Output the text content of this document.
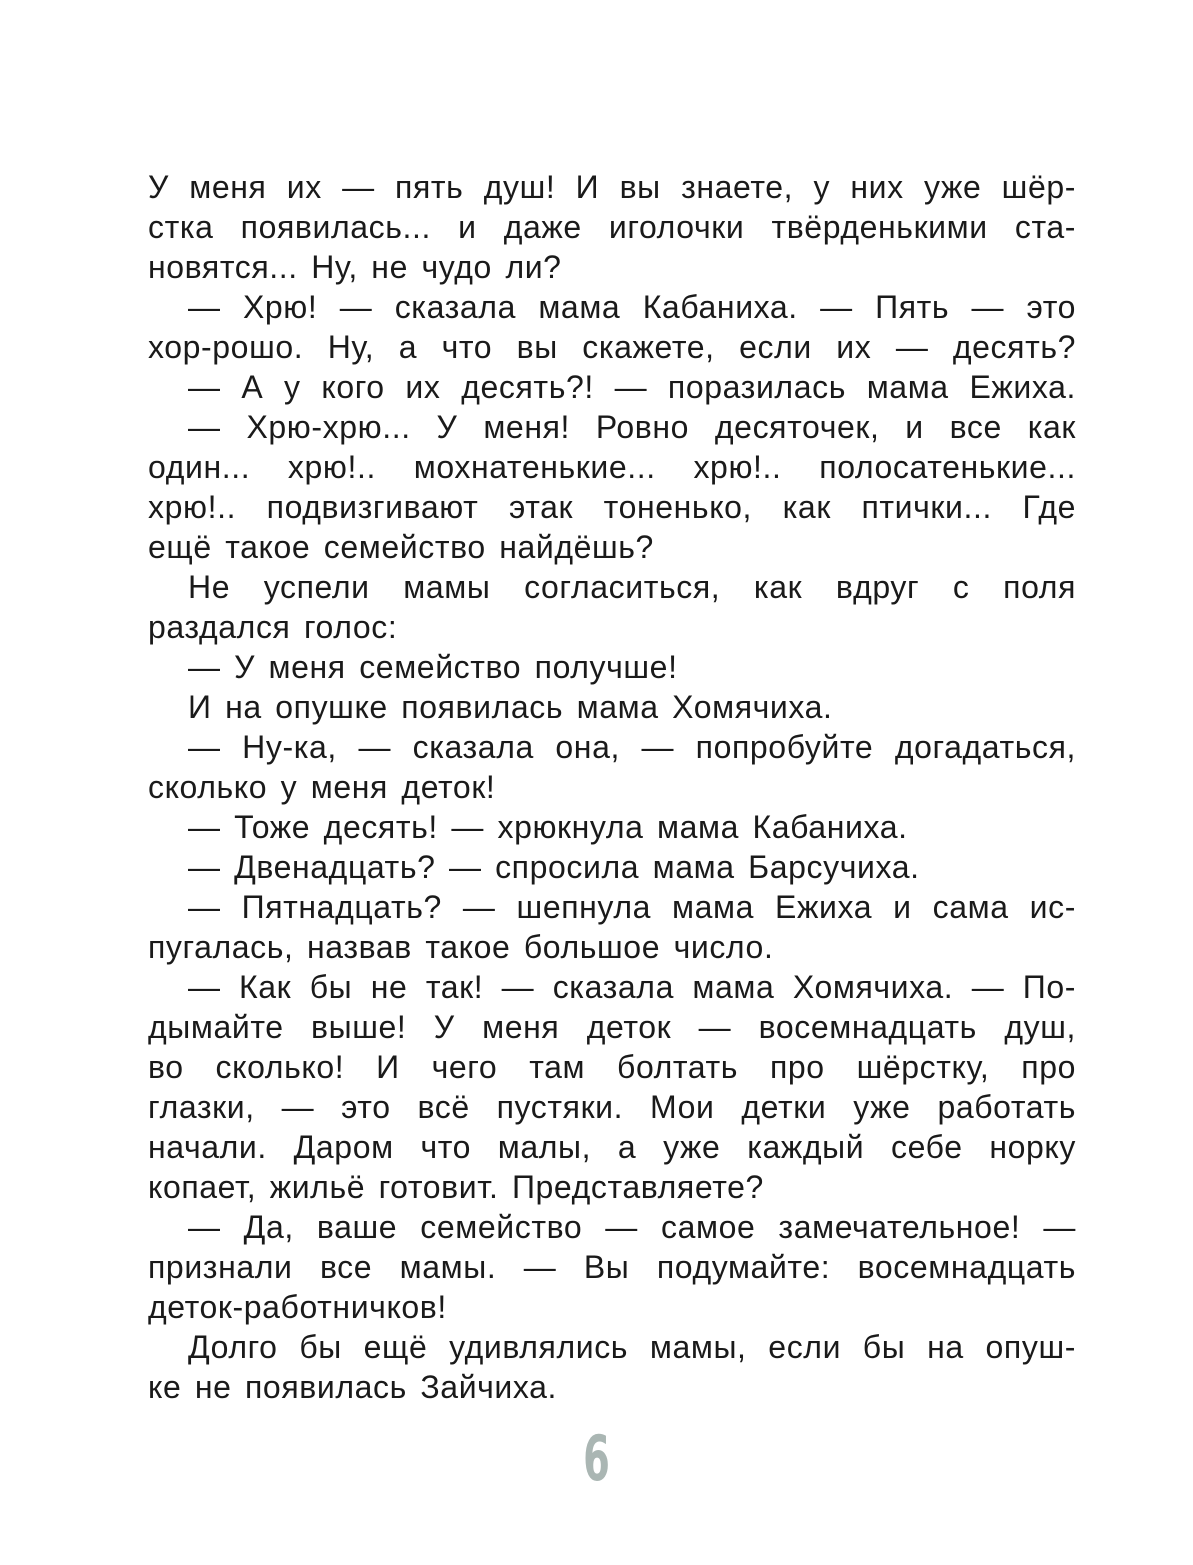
У меня их — пять душ! И вы знаете, у них уже шёр-
стка появилась... и даже иголочки твёрденькими ста-
новятся... Ну, не чудо ли?
— Хрю! — сказала мама Кабаниха. — Пять — это
хор-рошо. Ну, а что вы скажете, если их — десять?
— А у кого их десять?! — поразилась мама Ежиха.
— Хрю-хрю... У меня! Ровно десяточек, и все как
один... хрю!.. мохнатенькие... хрю!.. полосатенькие...
хрю!.. подвизгивают этак тоненько, как птички... Где
ещё такое семейство найдёшь?
Не успели мамы согласиться, как вдруг с поля
раздался голос:
— У меня семейство получше!
И на опушке появилась мама Хомячиха.
— Ну-ка, — сказала она, — попробуйте догадаться,
сколько у меня деток!
— Тоже десять! — хрюкнула мама Кабаниха.
— Двенадцать? — спросила мама Барсучиха.
— Пятнадцать? — шепнула мама Ежиха и сама ис-
пугалась, назвав такое большое число.
— Как бы не так! — сказала мама Хомячиха. — По-
дымайте выше! У меня деток — восемнадцать душ,
во сколько! И чего там болтать про шёрстку, про
глазки, — это всё пустяки. Мои детки уже работать
начали. Даром что малы, а уже каждый себе норку
копает, жильё готовит. Представляете?
— Да, ваше семейство — самое замечательное! —
признали все мамы. — Вы подумайте: восемнадцать
деток-работничков!
Долго бы ещё удивлялись мамы, если бы на опуш-
ке не появилась Зайчиха.
6
